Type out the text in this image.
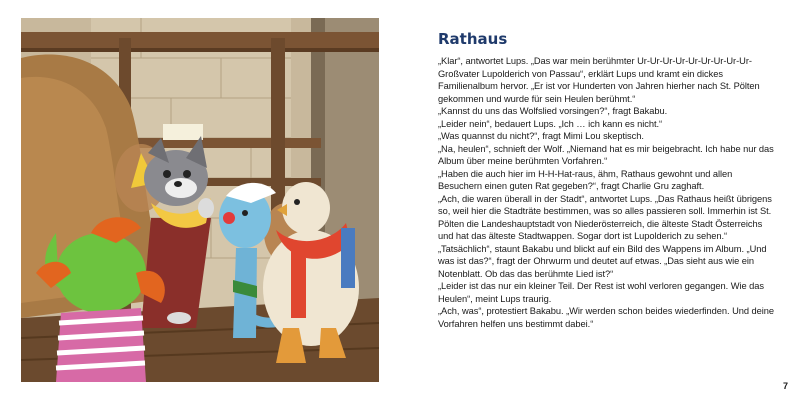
Rathaus

„Klar“, antwortet Lups. „Das war mein berühmter Ur-Ur-Ur-Ur-Ur-Ur-Ur-Ur-Ur-Großvater Lupolderich von Passau“, erklärt Lups und kramt ein dickes Familienalbum hervor. „Er ist vor Hunderten von Jahren hierher nach St. Pölten gekommen und wurde für sein Heulen berühmt.“

„Kannst du uns das Wolfslied vorsingen?“, fragt Bakabu.

„Leider nein“, bedauert Lups. „Ich … ich kann es nicht.“

„Was quannst du nicht?“, fragt Mimi Lou skeptisch.

„Na, heulen“, schnieft der Wolf. „Niemand hat es mir beigebracht. Ich habe nur das Album über meine berühmten Vorfahren.“

„Haben die auch hier im H-H-Hat-raus, ähm, Rathaus gewohnt und allen Besuchern einen guten Rat gegeben?“, fragt Charlie Gru zaghaft.

„Ach, die waren überall in der Stadt“, antwortet Lups. „Das Rathaus heißt übrigens so, weil hier die Stadträte bestimmen, was so alles passieren soll. Immerhin ist St. Pölten die Landeshauptstadt von Niederösterreich, die älteste Stadt Österreichs und hat das älteste Stadtwappen. Sogar dort ist Lupolderich zu sehen.“

„Tatsächlich“, staunt Bakabu und blickt auf ein Bild des Wappens im Album. „Und was ist das?“, fragt der Ohrwurm und deutet auf etwas. „Das sieht aus wie ein Notenblatt. Ob das das berühmte Lied ist?“

„Leider ist das nur ein kleiner Teil. Der Rest ist wohl verloren gegangen. Wie das Heulen“, meint Lups traurig.

„Ach, was“, protestiert Bakabu. „Wir werden schon beides wiederfinden. Und deine Vorfahren helfen uns bestimmt dabei.“

7
